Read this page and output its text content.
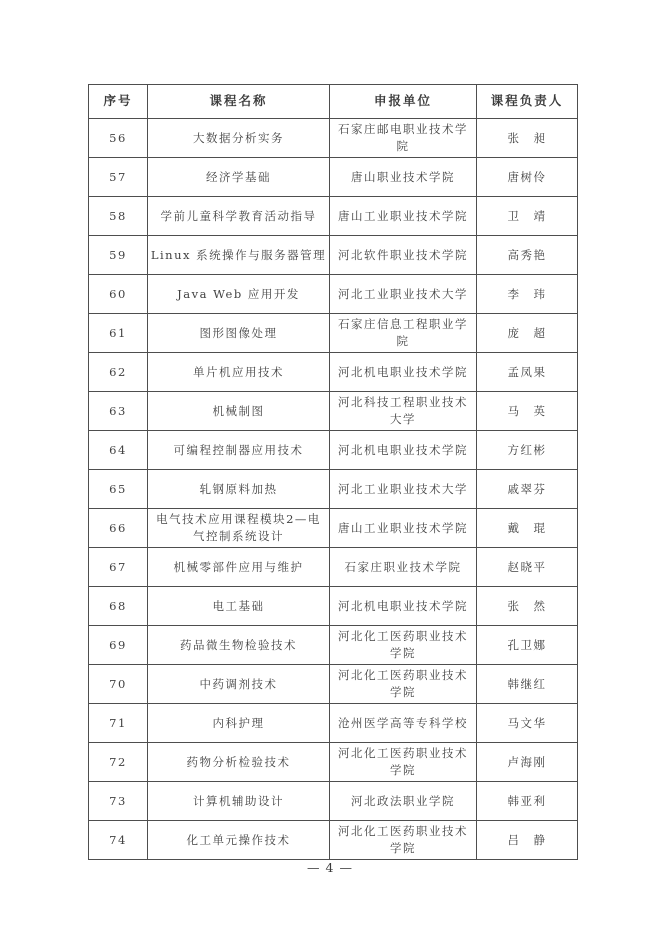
序号	课程名称	申报单位	课程负责人
56	大数据分析实务	石家庄邮电职业技术学院	张　昶
57	经济学基础	唐山职业技术学院	唐树伶
58	学前儿童科学教育活动指导	唐山工业职业技术学院	卫　靖
59	Linux 系统操作与服务器管理	河北软件职业技术学院	高秀艳
60	Java Web 应用开发	河北工业职业技术大学	李　玮
61	图形图像处理	石家庄信息工程职业学院	庞　超
62	单片机应用技术	河北机电职业技术学院	孟凤果
63	机械制图	河北科技工程职业技术大学	马　英
64	可编程控制器应用技术	河北机电职业技术学院	方红彬
65	轧钢原料加热	河北工业职业技术大学	戚翠芬
66	电气技术应用课程模块2—电气控制系统设计	唐山工业职业技术学院	戴　琨
67	机械零部件应用与维护	石家庄职业技术学院	赵晓平
68	电工基础	河北机电职业技术学院	张　然
69	药品微生物检验技术	河北化工医药职业技术学院	孔卫娜
70	中药调剂技术	河北化工医药职业技术学院	韩继红
71	内科护理	沧州医学高等专科学校	马文华
72	药物分析检验技术	河北化工医药职业技术学院	卢海刚
73	计算机辅助设计	河北政法职业学院	韩亚利
74	化工单元操作技术	河北化工医药职业技术学院	吕　静
— 4 —
